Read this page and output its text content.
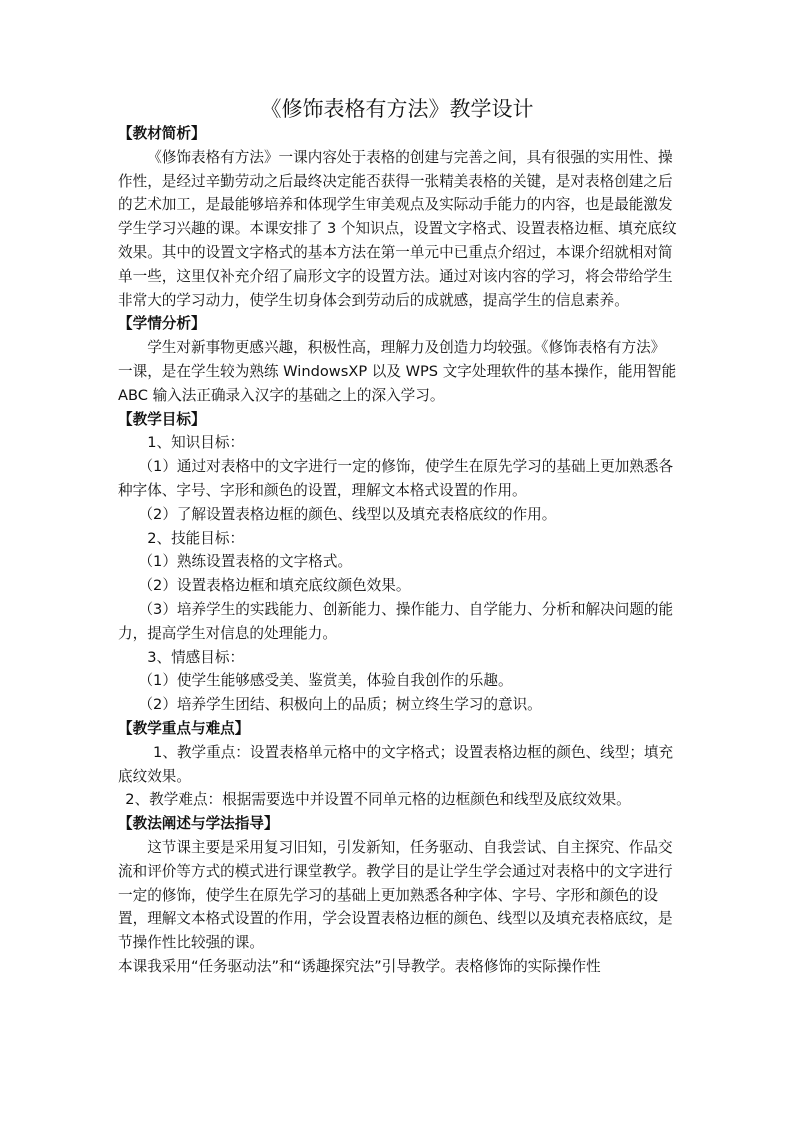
《修饰表格有方法》教学设计

【教材简析】

《修饰表格有方法》一课内容处于表格的创建与完善之间，具有很强的实用性、操作性，是经过辛勤劳动之后最终决定能否获得一张精美表格的关键，是对表格创建之后的艺术加工，是最能够培养和体现学生审美观点及实际动手能力的内容，也是最能激发学生学习兴趣的课。本课安排了 3 个知识点，设置文字格式、设置表格边框、填充底纹效果。其中的设置文字格式的基本方法在第一单元中已重点介绍过，本课介绍就相对简单一些，这里仅补充介绍了扁形文字的设置方法。通过对该内容的学习，将会带给学生非常大的学习动力，使学生切身体会到劳动后的成就感，提高学生的信息素养。

【学情分析】

学生对新事物更感兴趣，积极性高，理解力及创造力均较强。《修饰表格有方法》一课，是在学生较为熟练 WindowsXP 以及 WPS 文字处理软件的基本操作，能用智能 ABC 输入法正确录入汉字的基础之上的深入学习。

【教学目标】

1、知识目标：

（1）通过对表格中的文字进行一定的修饰，使学生在原先学习的基础上更加熟悉各种字体、字号、字形和颜色的设置，理解文本格式设置的作用。

（2）了解设置表格边框的颜色、线型以及填充表格底纹的作用。

2、技能目标：

（1）熟练设置表格的文字格式。

（2）设置表格边框和填充底纹颜色效果。

（3）培养学生的实践能力、创新能力、操作能力、自学能力、分析和解决问题的能力，提高学生对信息的处理能力。

3、情感目标：

（1）使学生能够感受美、鉴赏美，体验自我创作的乐趣。

（2）培养学生团结、积极向上的品质；树立终生学习的意识。

【教学重点与难点】

1、教学重点：设置表格单元格中的文字格式；设置表格边框的颜色、线型；填充底纹效果。

2、教学难点：根据需要选中并设置不同单元格的边框颜色和线型及底纹效果。

【教法阐述与学法指导】

这节课主要是采用复习旧知，引发新知，任务驱动、自我尝试、自主探究、作品交流和评价等方式的模式进行课堂教学。教学目的是让学生学会通过对表格中的文字进行一定的修饰，使学生在原先学习的基础上更加熟悉各种字体、字号、字形和颜色的设置，理解文本格式设置的作用，学会设置表格边框的颜色、线型以及填充表格底纹，是节操作性比较强的课。

本课我采用“任务驱动法”和“诱趣探究法”引导教学。表格修饰的实际操作性
